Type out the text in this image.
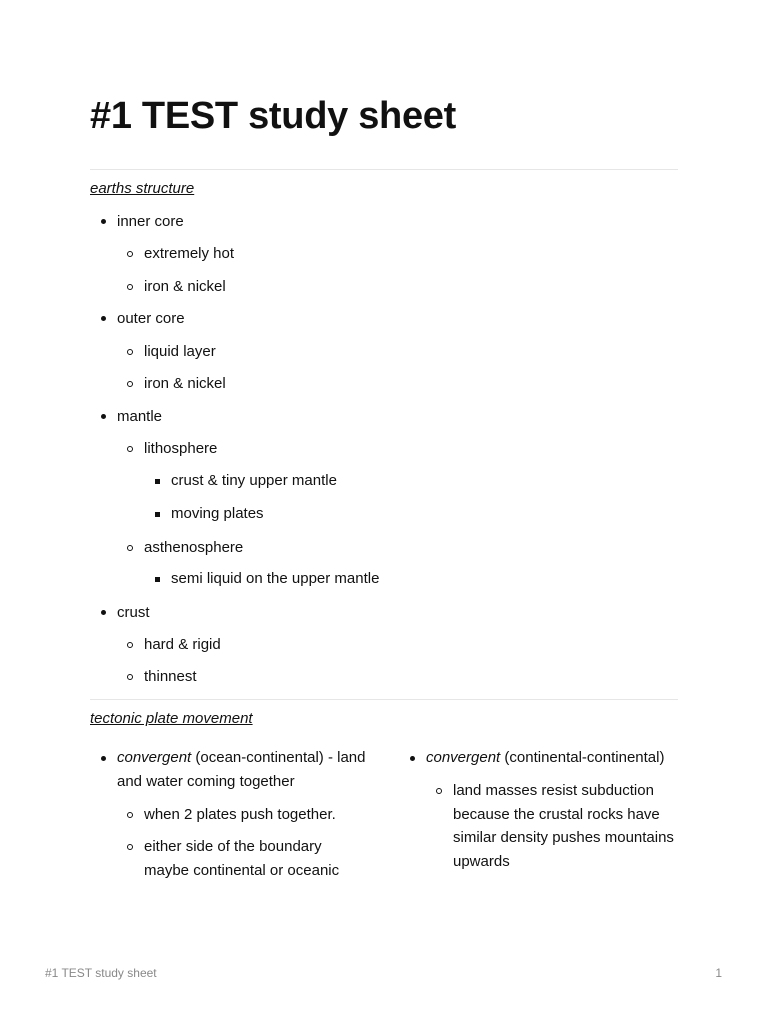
#1 TEST study sheet
earths structure
inner core
extremely hot
iron & nickel
outer core
liquid layer
iron & nickel
mantle
lithosphere
crust & tiny upper mantle
moving plates
asthenosphere
semi liquid on the upper mantle
crust
hard & rigid
thinnest
tectonic plate movement
convergent (ocean-continental) - land and water coming together
when 2 plates push together.
either side of the boundary maybe continental or oceanic
convergent (continental-continental)
land masses resist subduction because the crustal rocks have similar density pushes mountains upwards
#1 TEST study sheet	1
